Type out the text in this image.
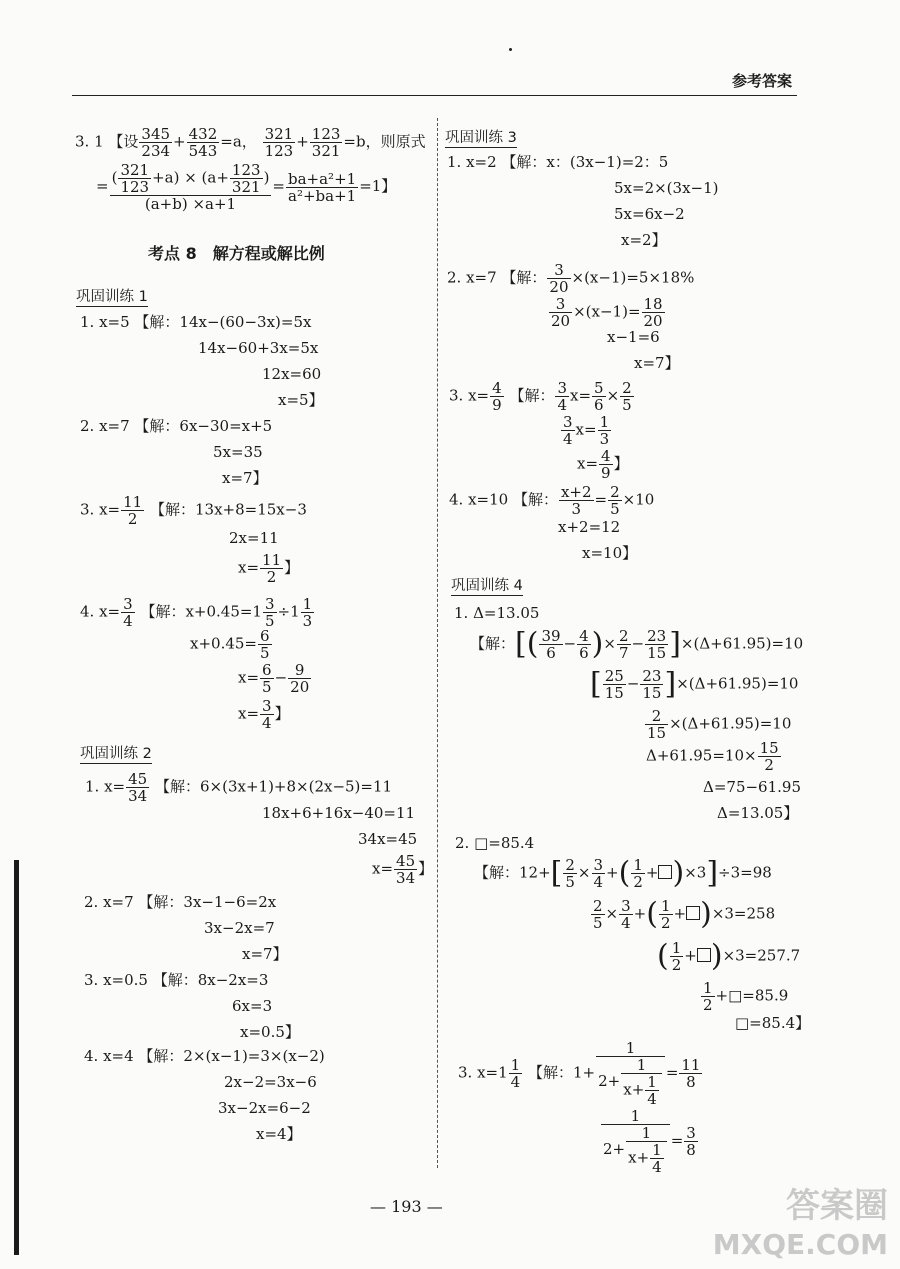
参考答案
3. 1 【设 $\frac{345}{234} + \frac{432}{543} =a$， $\frac{321}{123} + \frac{123}{321} =b$，则原式
= $\frac{( \frac{321}{123} +a) \times (a+ \frac{123}{321} )}{(a+b) \times a+1} = \frac{\text{ba+a²+1}}{\text{a²+ba+1}} =1$】
考点 8　解方程或解比例
巩固训练 1
1. x=5 【解：14x−(60−3x)=5x
14x−60+3x=5x
12x=60
x=5】
2. x=7 【解：6x−30=x+5
5x=35
x=7】
3. $x= \frac{11}{2}$ 【解：13x+8=15x−3
2x=11
$x= \frac{11}{2}$ 】
4. $x= \frac{3}{4}$ 【解：$x+0.45=1 \frac{3}{5} \div 1 \frac{1}{3}$
$x+0.45= \frac{6}{5}$
$x= \frac{6}{5} - \frac{9}{20}$
$x= \frac{3}{4}$ 】
巩固训练 2
1. $x= \frac{45}{34}$ 【解：6×(3x+1)+8×(2x−5)=11
18x+6+16x−40=11
34x=45
$x= \frac{45}{34}$ 】
2. x=7 【解：3x−1−6=2x
3x−2x=7
x=7】
3. x=0.5 【解：8x−2x=3
6x=3
x=0.5】
4. x=4 【解：2×(x−1)=3×(x−2)
2x−2=3x−6
3x−2x=6−2
x=4】
巩固训练 3
1. x=2 【解：x：(3x−1)=2：5
5x=2×(3x−1)
5x=6x−2
x=2】
2. x=7 【解： $\frac{3}{20} \times(x-1)=5\times 18\%$
$\frac{3}{20} \times(x-1)= \frac{18}{20}$
x−1=6
x=7】
3. $x= \frac{4}{9}$ 【解： $\frac{3}{4} x= \frac{5}{6} \times \frac{2}{5}$
$\frac{3}{4} x= \frac{1}{3}$
$x= \frac{4}{9}$ 】
4. x=10 【解： $\frac{x+2}{3} = \frac{2}{5} \times 10$
x+2=12
x=10】
巩固训练 4
1. Δ=13.05
【解：[( $\frac{39}{6} - \frac{4}{6}$ )× $\frac{2}{7} - \frac{23}{15} ]\times(\Delta+61.95)=10$
[ $\frac{25}{15} - \frac{23}{15} ]\times(\Delta+61.95)=10$
$\frac{2}{15} \times(\Delta+61.95)=10$
$\Delta+61.95=10\times \frac{15}{2}$
Δ=75−61.95
Δ=13.05】
2. □=85.4
【解：$12+[ \frac{2}{5} \times \frac{3}{4}$ +( $\frac{1}{2} + )\times 3]\div 3=98$
$\frac{2}{5} \times \frac{3}{4}$ +( $\frac{1}{2} + )\times 3=258$
( $\frac{1}{2} + )\times 3=257.7$
$\frac{1}{2}$ +□=85.9
□=85.4】
3. $x=1 \frac{1}{4}$ 【解：$1+ \frac{1}{2+ \frac{1}{x+ \frac{1}{4}}} = \frac{11}{8}$
$\frac{1}{2+ \frac{1}{x+ \frac{1}{4}}} = \frac{3}{8}$
— 193 —	答案圈
MXQE.COM
